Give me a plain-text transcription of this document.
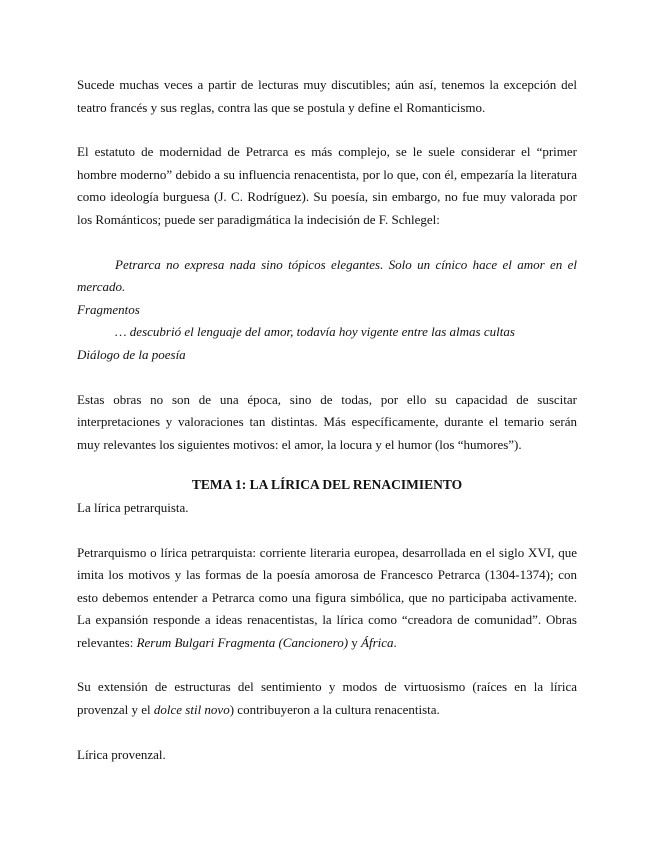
Sucede muchas veces a partir de lecturas muy discutibles; aún así, tenemos la excepción del teatro francés y sus reglas, contra las que se postula y define el Romanticismo.

El estatuto de modernidad de Petrarca es más complejo, se le suele considerar el “primer hombre moderno” debido a su influencia renacentista, por lo que, con él, empezaría la literatura como ideología burguesa (J. C. Rodríguez). Su poesía, sin embargo, no fue muy valorada por los Románticos; puede ser paradigmática la indecisión de F. Schlegel:

Petrarca no expresa nada sino tópicos elegantes. Solo un cínico hace el amor en el mercado.

Fragmentos

… descubrió el lenguaje del amor, todavía hoy vigente entre las almas cultas

Diálogo de la poesía

Estas obras no son de una época, sino de todas, por ello su capacidad de suscitar interpretaciones y valoraciones tan distintas. Más específicamente, durante el temario serán muy relevantes los siguientes motivos: el amor, la locura y el humor (los “humores”).

TEMA 1: LA LÍRICA DEL RENACIMIENTO

La lírica petrarquista.

Petrarquismo o lírica petrarquista: corriente literaria europea, desarrollada en el siglo XVI, que imita los motivos y las formas de la poesía amorosa de Francesco Petrarca (1304-1374); con esto debemos entender a Petrarca como una figura simbólica, que no participaba activamente. La expansión responde a ideas renacentistas, la lírica como “creadora de comunidad”. Obras relevantes: Rerum Bulgari Fragmenta (Cancionero) y África.

Su extensión de estructuras del sentimiento y modos de virtuosismo (raíces en la lírica provenzal y el dolce stil novo) contribuyeron a la cultura renacentista.

Lírica provenzal.
